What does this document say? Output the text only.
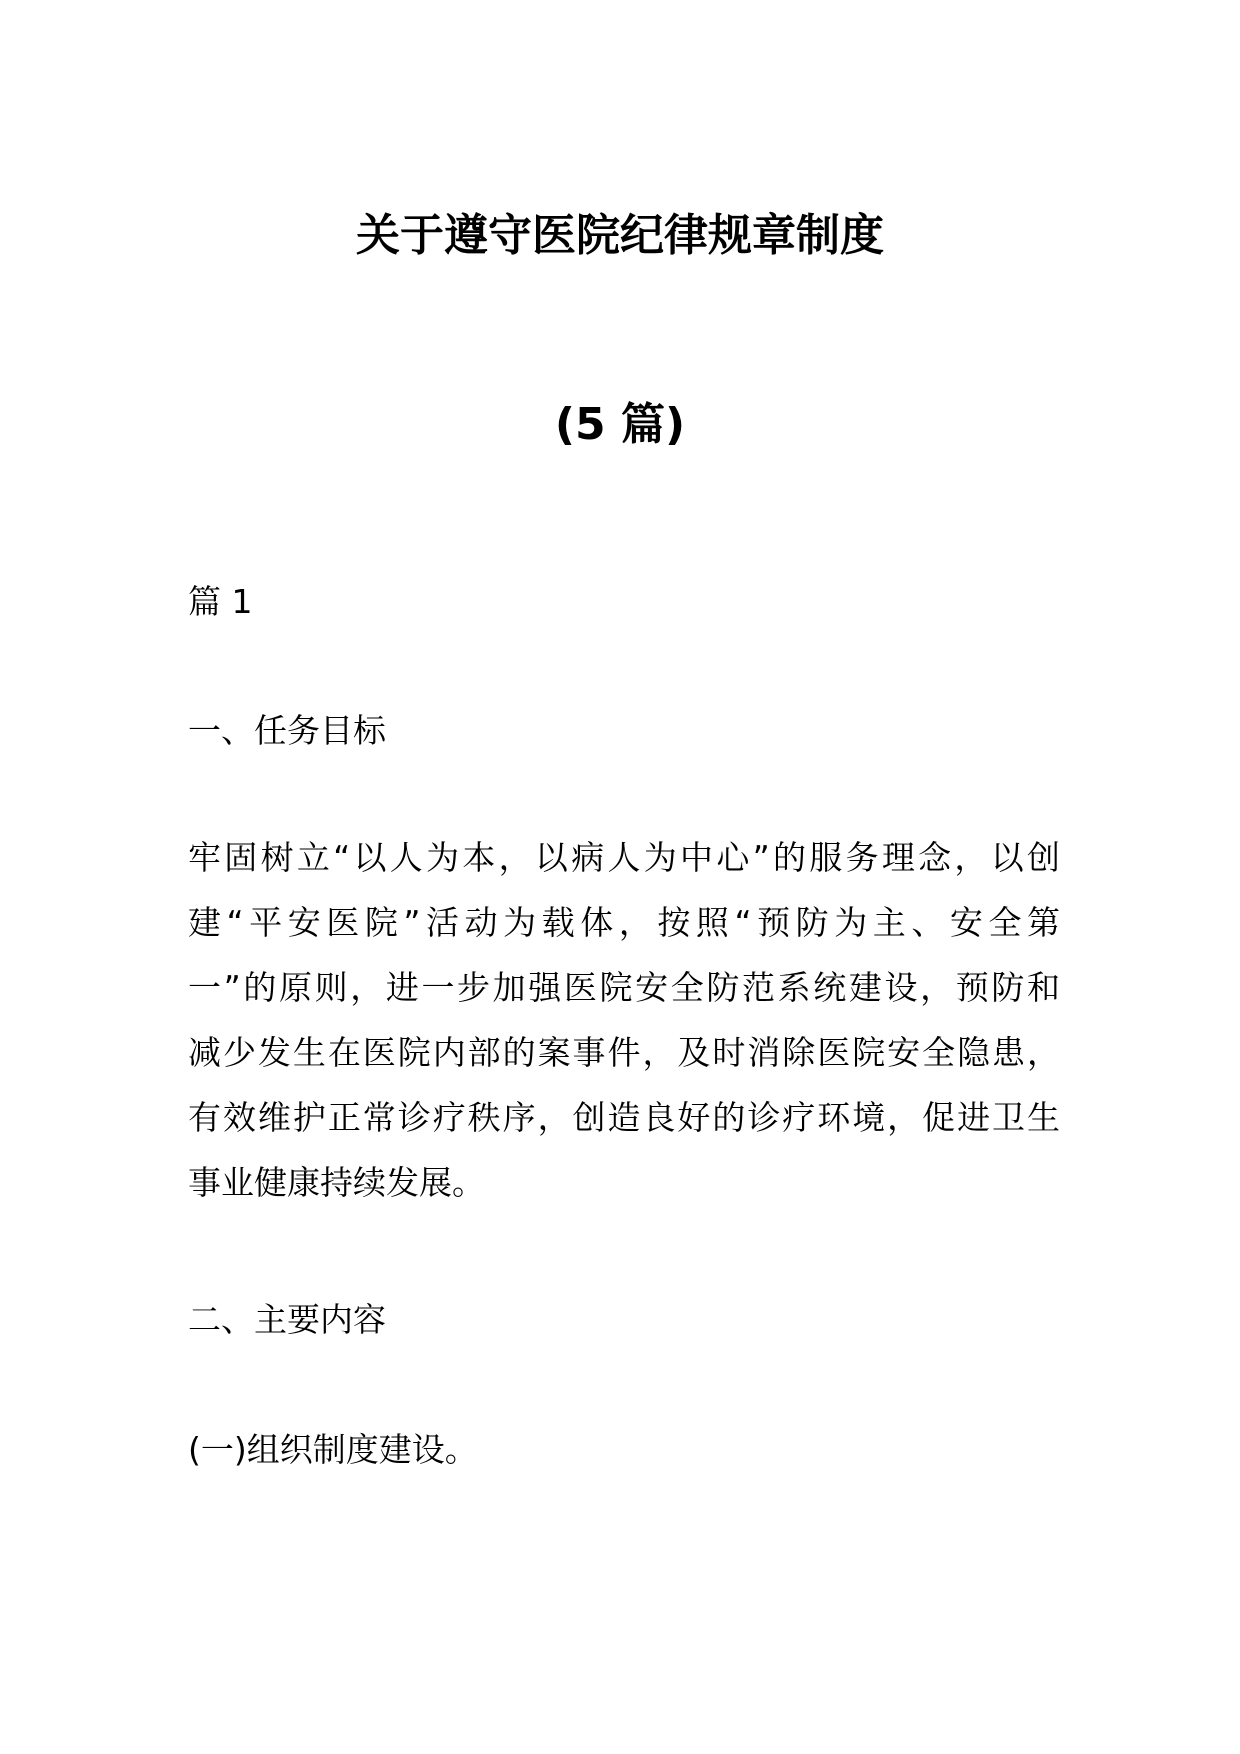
关于遵守医院纪律规章制度
(5 篇)

篇 1

一、任务目标

牢固树立“以人为本，以病人为中心”的服务理念，以创
建“平安医院”活动为载体，按照“预防为主、安全第
一”的原则，进一步加强医院安全防范系统建设，预防和
减少发生在医院内部的案事件，及时消除医院安全隐患，
有效维护正常诊疗秩序，创造良好的诊疗环境，促进卫生
事业健康持续发展。

二、主要内容

(一)组织制度建设。
